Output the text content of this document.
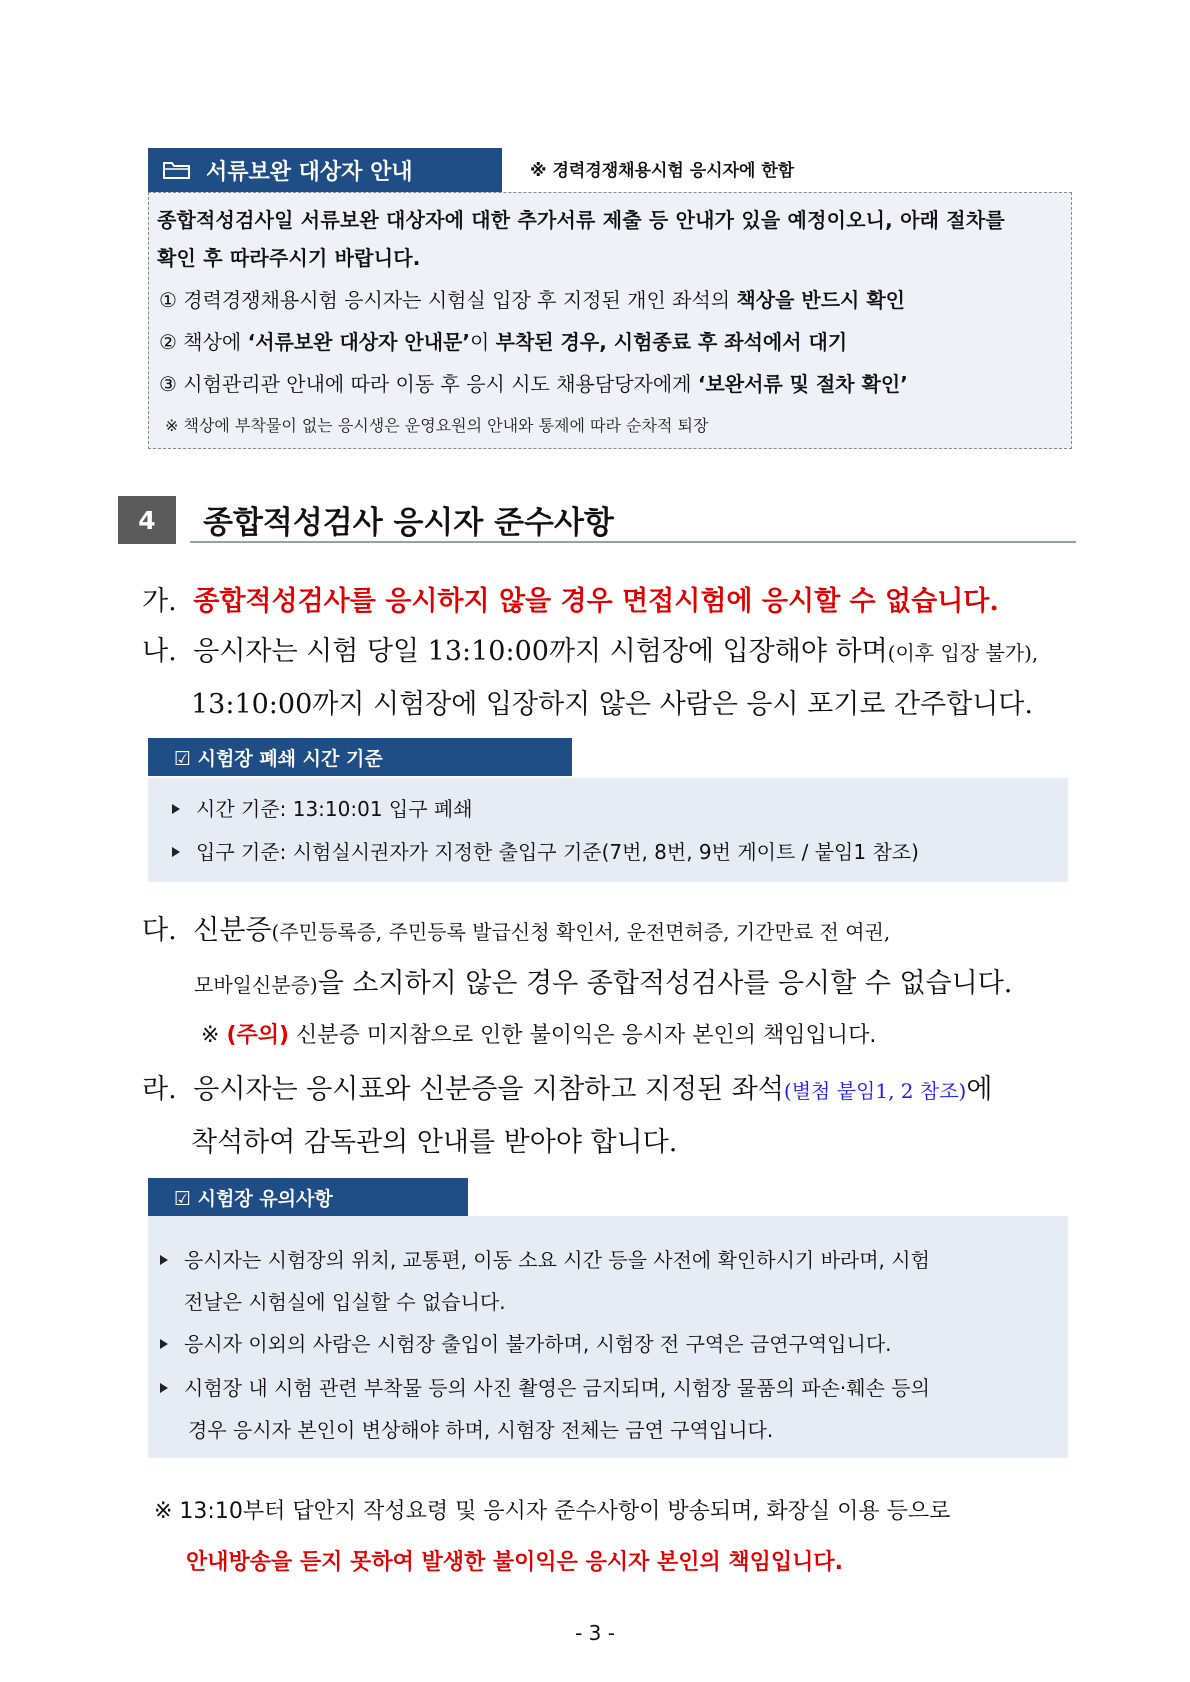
서류보완 대상자 안내	※ 경력경쟁채용시험 응시자에 한함
종합적성검사일 서류보완 대상자에 대한 추가서류 제출 등 안내가 있을 예정이오니, 아래 절차를
확인 후 따라주시기 바랍니다.
① 경력경쟁채용시험 응시자는 시험실 입장 후 지정된 개인 좌석의 책상을 반드시 확인
② 책상에 ‘서류보완 대상자 안내문’이 부착된 경우, 시험종료 후 좌석에서 대기
③ 시험관리관 안내에 따라 이동 후 응시 시도 채용담당자에게 ‘보완서류 및 절차 확인’
※ 책상에 부착물이 없는 응시생은 운영요원의 안내와 통제에 따라 순차적 퇴장
4	종합적성검사 응시자 준수사항
가. 종합적성검사를 응시하지 않을 경우 면접시험에 응시할 수 없습니다.
나. 응시자는 시험 당일 13:10:00까지 시험장에 입장해야 하며(이후 입장 불가),
13:10:00까지 시험장에 입장하지 않은 사람은 응시 포기로 간주합니다.
☑ 시험장 폐쇄 시간 기준
시간 기준: 13:10:01 입구 폐쇄
입구 기준: 시험실시권자가 지정한 출입구 기준(7번, 8번, 9번 게이트 / 붙임1 참조)
다. 신분증(주민등록증, 주민등록 발급신청 확인서, 운전면허증, 기간만료 전 여권,
모바일신분증)을 소지하지 않은 경우 종합적성검사를 응시할 수 없습니다.
※ (주의) 신분증 미지참으로 인한 불이익은 응시자 본인의 책임입니다.
라. 응시자는 응시표와 신분증을 지참하고 지정된 좌석(별첨 붙임1, 2 참조)에
착석하여 감독관의 안내를 받아야 합니다.
☑ 시험장 유의사항
응시자는 시험장의 위치, 교통편, 이동 소요 시간 등을 사전에 확인하시기 바라며, 시험
전날은 시험실에 입실할 수 없습니다.
응시자 이외의 사람은 시험장 출입이 불가하며, 시험장 전 구역은 금연구역입니다.
시험장 내 시험 관련 부착물 등의 사진 촬영은 금지되며, 시험장 물품의 파손·훼손 등의
경우 응시자 본인이 변상해야 하며, 시험장 전체는 금연 구역입니다.
※ 13:10부터 답안지 작성요령 및 응시자 준수사항이 방송되며, 화장실 이용 등으로
안내방송을 듣지 못하여 발생한 불이익은 응시자 본인의 책임입니다.
- 3 -
